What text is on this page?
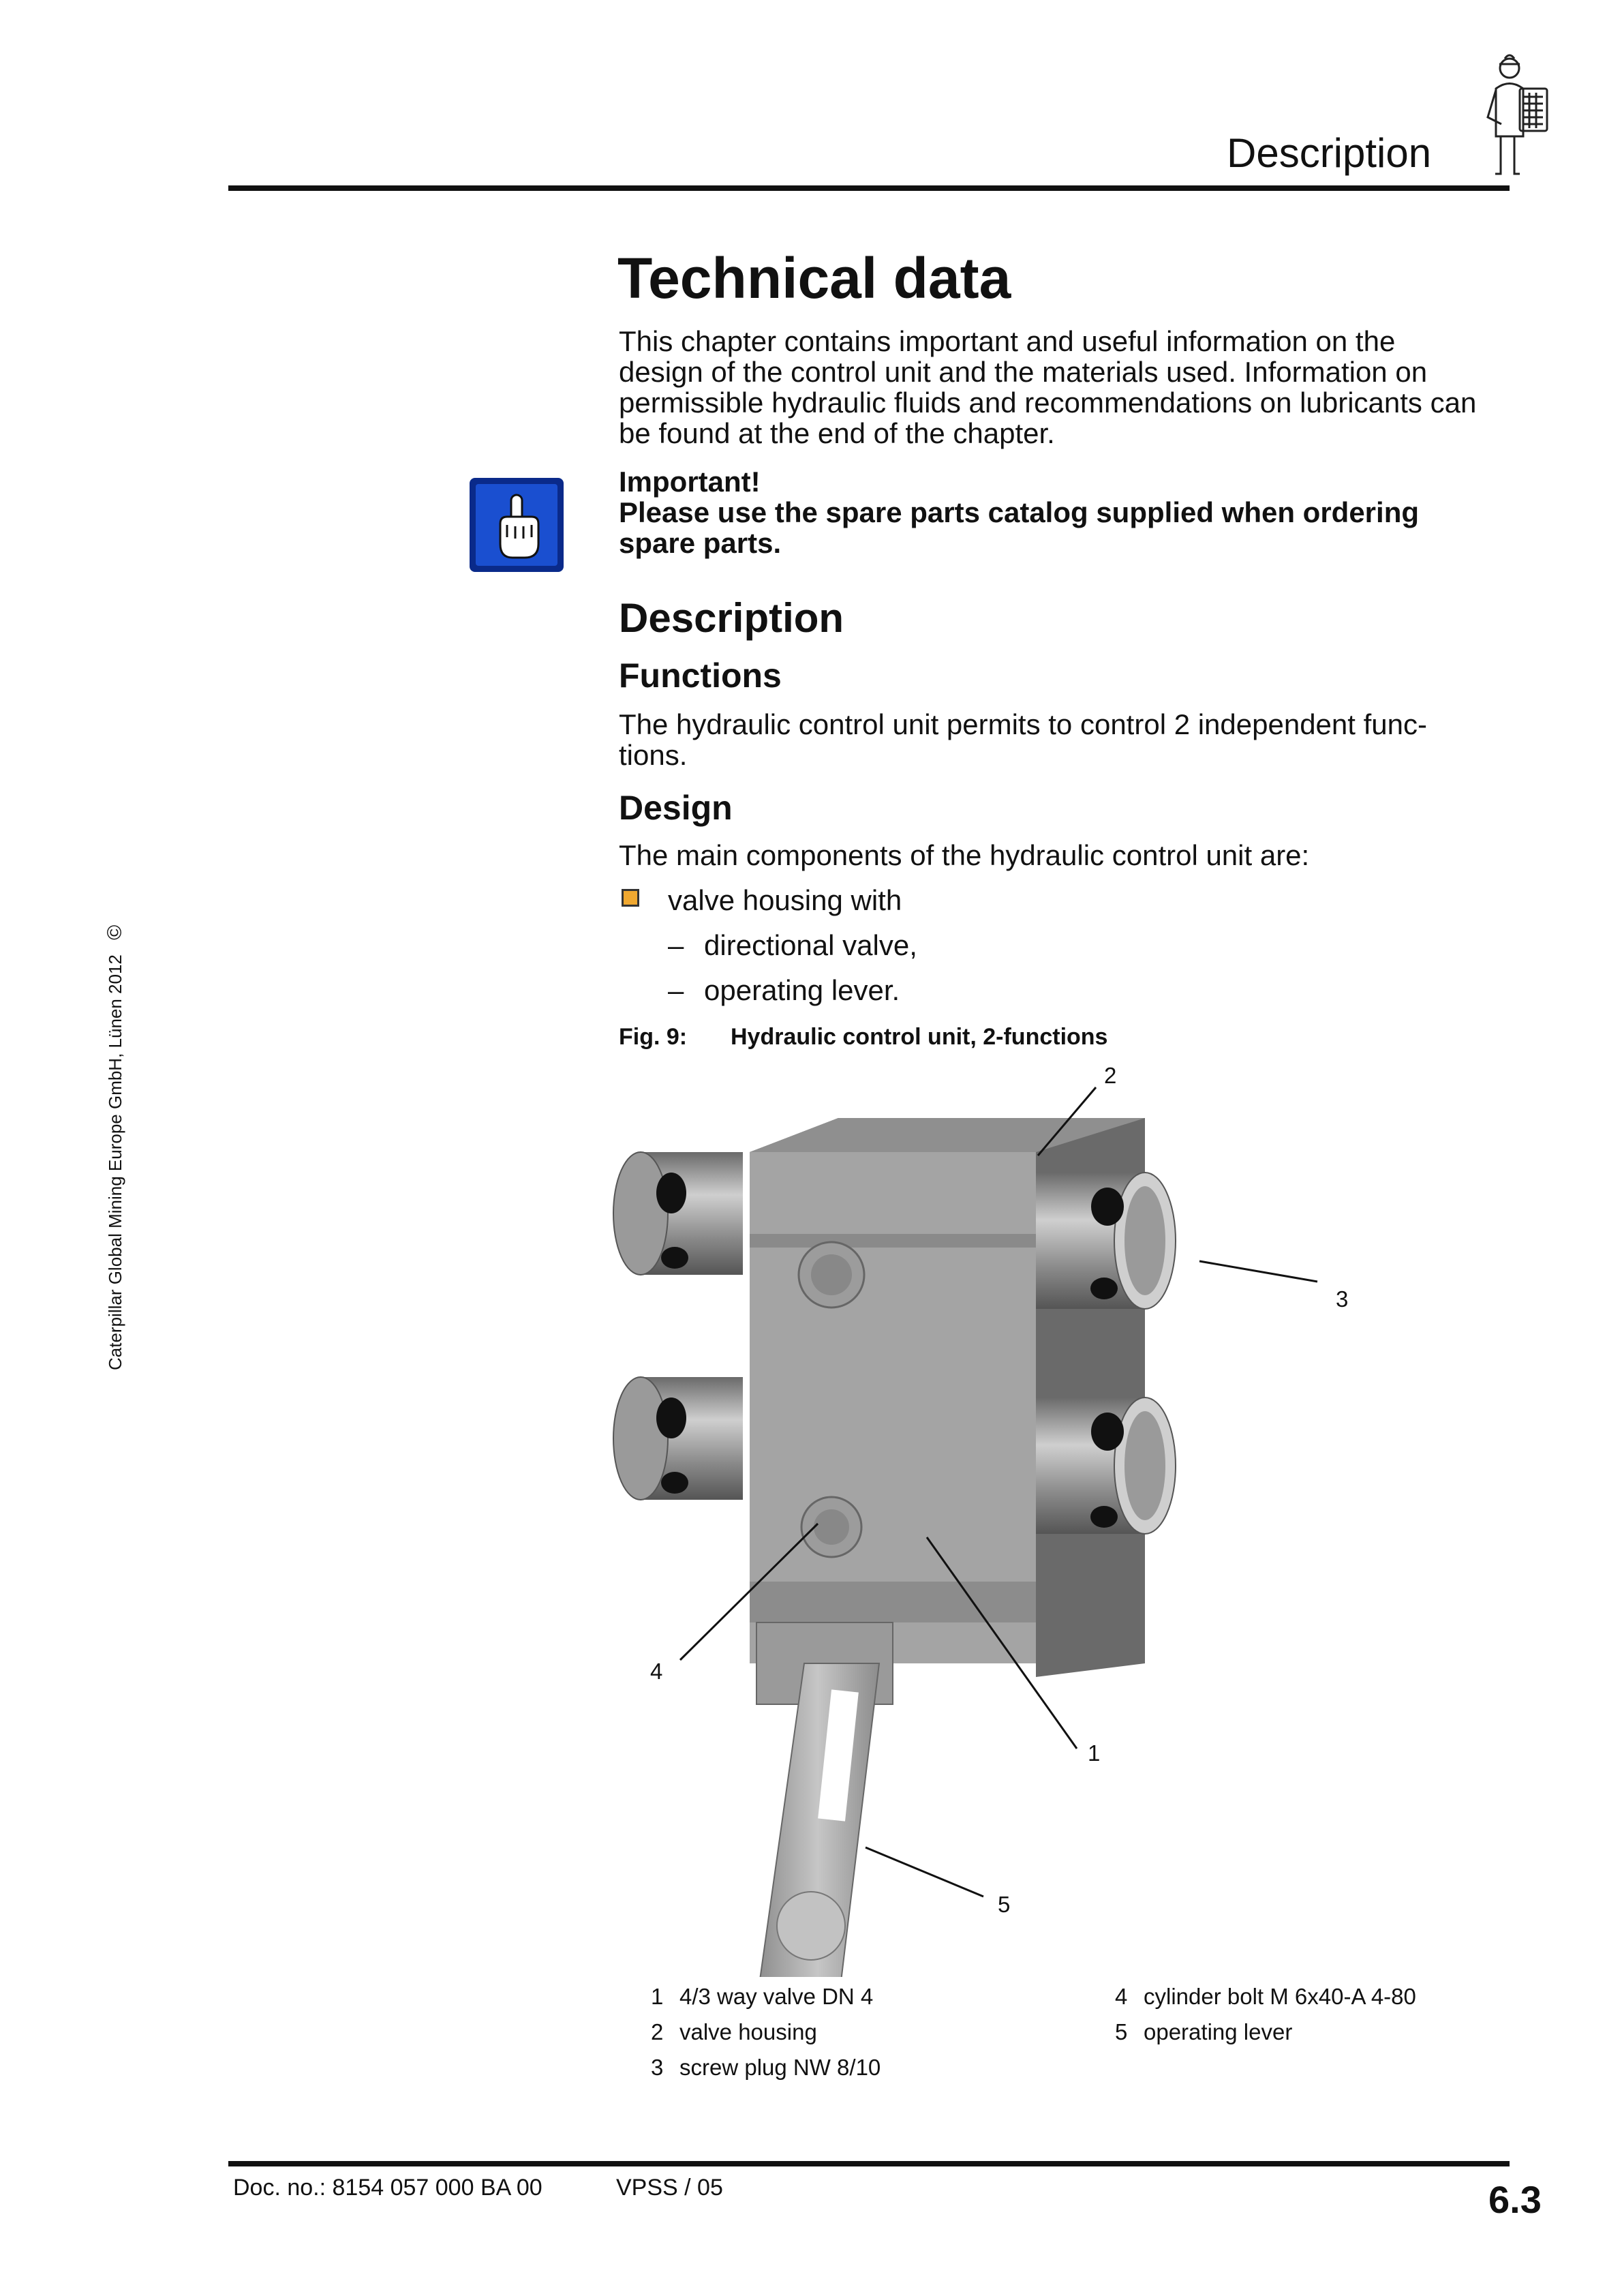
Description
Caterpillar Global Mining Europe GmbH, Lünen 2012 ©
Technical data
This chapter contains important and useful information on the
design of the control unit and the materials used. Information on
permissible hydraulic fluids and recommendations on lubricants can
be found at the end of the chapter.
Important!
Please use the spare parts catalog supplied when ordering
spare parts.
Description
Functions
The hydraulic control unit permits to control 2 independent func-
tions.
Design
The main components of the hydraulic control unit are:
valve housing with
– directional valve,
– operating lever.
Fig. 9: Hydraulic control unit, 2-functions
2
3
4
1
5
1 4/3 way valve DN 4
2 valve housing
3 screw plug NW 8/10
4 cylinder bolt M 6x40-A 4-80
5 operating lever
Doc. no.: 8154 057 000 BA 00	VPSS / 05	6.3
